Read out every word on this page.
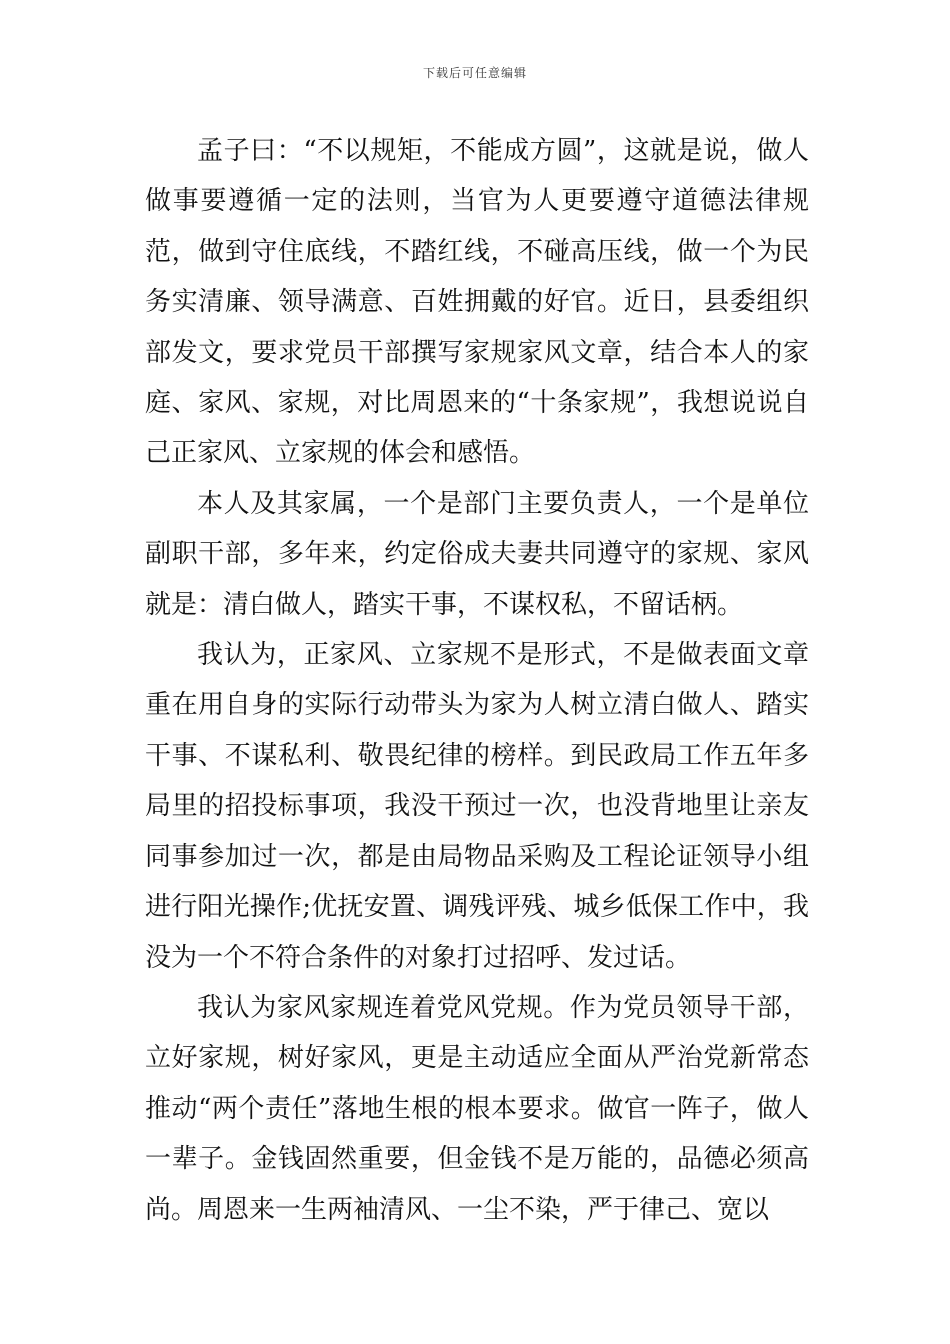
下载后可任意编辑

孟子曰：“不以规矩，不能成方圆”，这就是说，做人做事要遵循一定的法则，当官为人更要遵守道德法律规范，做到守住底线，不踏红线，不碰高压线，做一个为民务实清廉、领导满意、百姓拥戴的好官。近日，县委组织部发文，要求党员干部撰写家规家风文章，结合本人的家庭、家风、家规，对比周恩来的“十条家规”，我想说说自己正家风、立家规的体会和感悟。

本人及其家属，一个是部门主要负责人，一个是单位副职干部，多年来，约定俗成夫妻共同遵守的家规、家风就是：清白做人，踏实干事，不谋权私，不留话柄。

我认为，正家风、立家规不是形式，不是做表面文章重在用自身的实际行动带头为家为人树立清白做人、踏实干事、不谋私利、敬畏纪律的榜样。到民政局工作五年多局里的招投标事项，我没干预过一次，也没背地里让亲友同事参加过一次，都是由局物品采购及工程论证领导小组进行阳光操作;优抚安置、调残评残、城乡低保工作中，我没为一个不符合条件的对象打过招呼、发过话。

我认为家风家规连着党风党规。作为党员领导干部，立好家规，树好家风，更是主动适应全面从严治党新常态推动“两个责任”落地生根的根本要求。做官一阵子，做人一辈子。金钱固然重要，但金钱不是万能的，品德必须高尚。周恩来一生两袖清风、一尘不染，严于律己、宽以
